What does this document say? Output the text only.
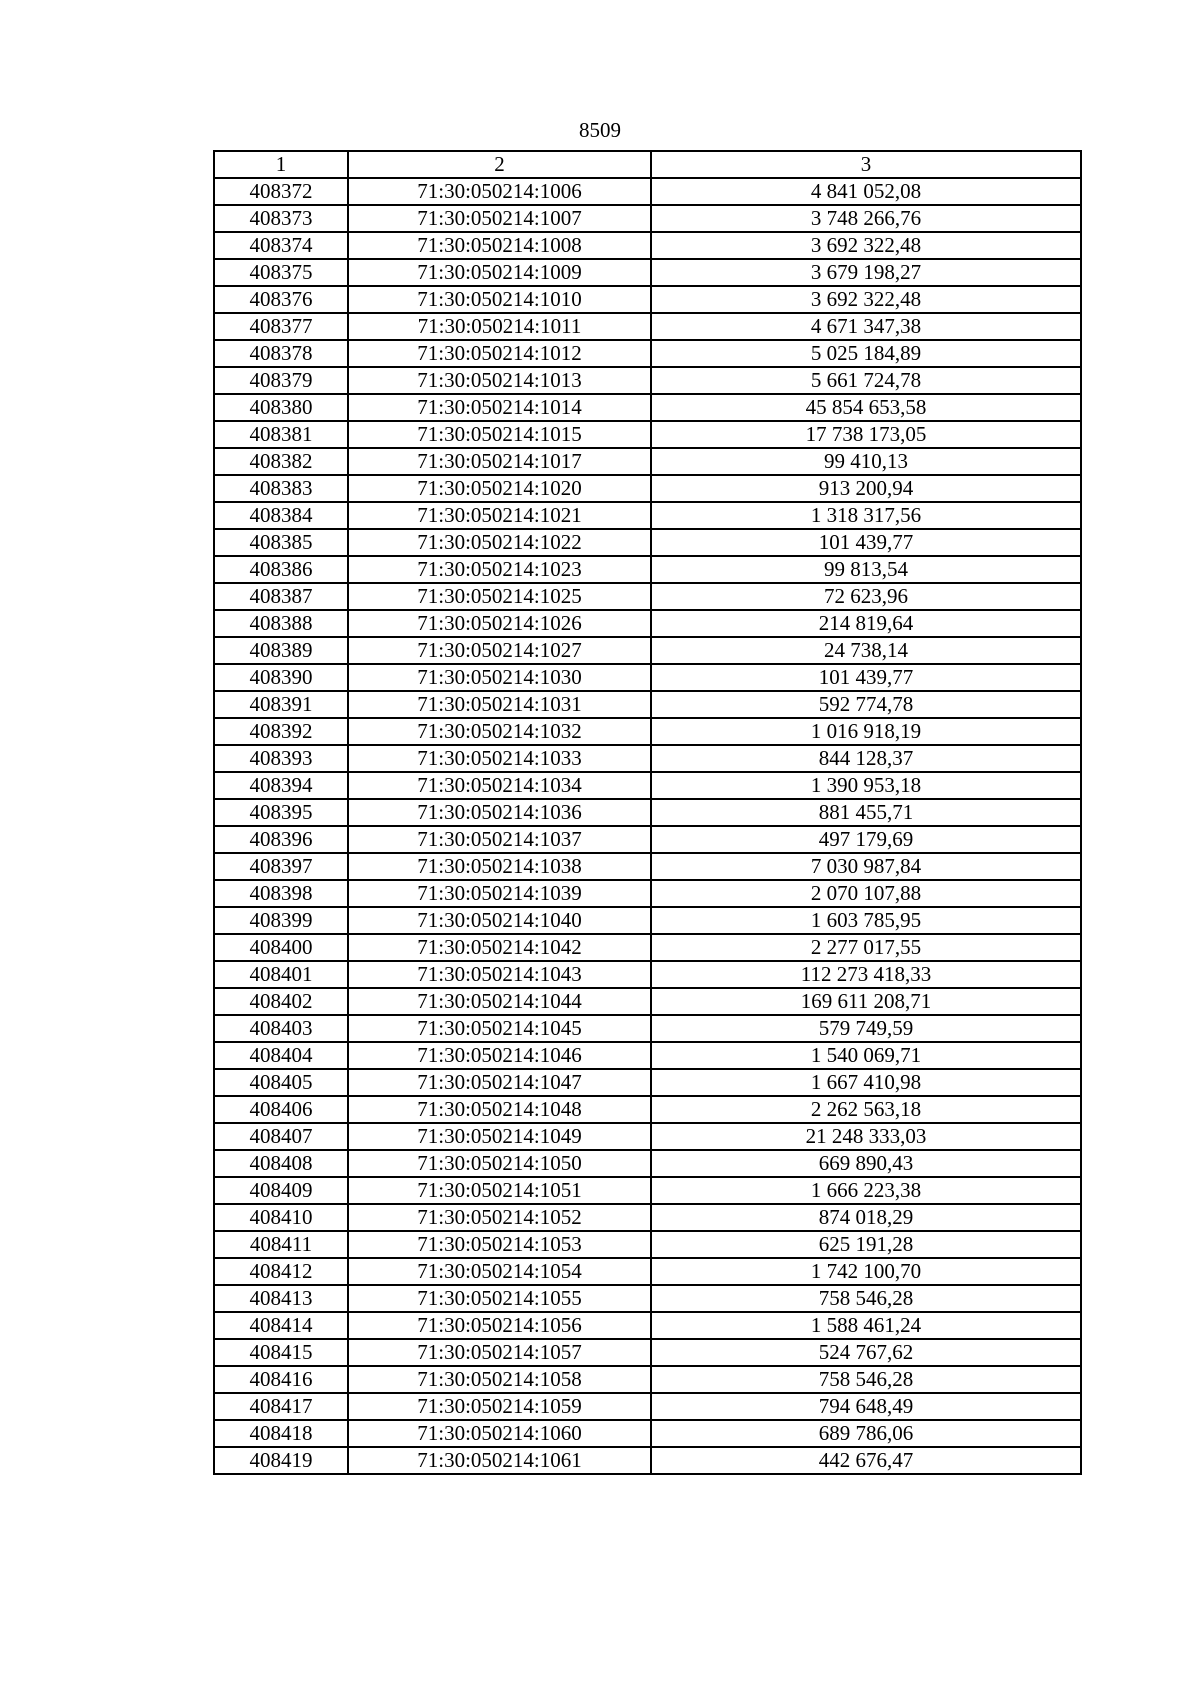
8509
1	2	3
408372	71:30:050214:1006	4 841 052,08
408373	71:30:050214:1007	3 748 266,76
408374	71:30:050214:1008	3 692 322,48
408375	71:30:050214:1009	3 679 198,27
408376	71:30:050214:1010	3 692 322,48
408377	71:30:050214:1011	4 671 347,38
408378	71:30:050214:1012	5 025 184,89
408379	71:30:050214:1013	5 661 724,78
408380	71:30:050214:1014	45 854 653,58
408381	71:30:050214:1015	17 738 173,05
408382	71:30:050214:1017	99 410,13
408383	71:30:050214:1020	913 200,94
408384	71:30:050214:1021	1 318 317,56
408385	71:30:050214:1022	101 439,77
408386	71:30:050214:1023	99 813,54
408387	71:30:050214:1025	72 623,96
408388	71:30:050214:1026	214 819,64
408389	71:30:050214:1027	24 738,14
408390	71:30:050214:1030	101 439,77
408391	71:30:050214:1031	592 774,78
408392	71:30:050214:1032	1 016 918,19
408393	71:30:050214:1033	844 128,37
408394	71:30:050214:1034	1 390 953,18
408395	71:30:050214:1036	881 455,71
408396	71:30:050214:1037	497 179,69
408397	71:30:050214:1038	7 030 987,84
408398	71:30:050214:1039	2 070 107,88
408399	71:30:050214:1040	1 603 785,95
408400	71:30:050214:1042	2 277 017,55
408401	71:30:050214:1043	112 273 418,33
408402	71:30:050214:1044	169 611 208,71
408403	71:30:050214:1045	579 749,59
408404	71:30:050214:1046	1 540 069,71
408405	71:30:050214:1047	1 667 410,98
408406	71:30:050214:1048	2 262 563,18
408407	71:30:050214:1049	21 248 333,03
408408	71:30:050214:1050	669 890,43
408409	71:30:050214:1051	1 666 223,38
408410	71:30:050214:1052	874 018,29
408411	71:30:050214:1053	625 191,28
408412	71:30:050214:1054	1 742 100,70
408413	71:30:050214:1055	758 546,28
408414	71:30:050214:1056	1 588 461,24
408415	71:30:050214:1057	524 767,62
408416	71:30:050214:1058	758 546,28
408417	71:30:050214:1059	794 648,49
408418	71:30:050214:1060	689 786,06
408419	71:30:050214:1061	442 676,47
